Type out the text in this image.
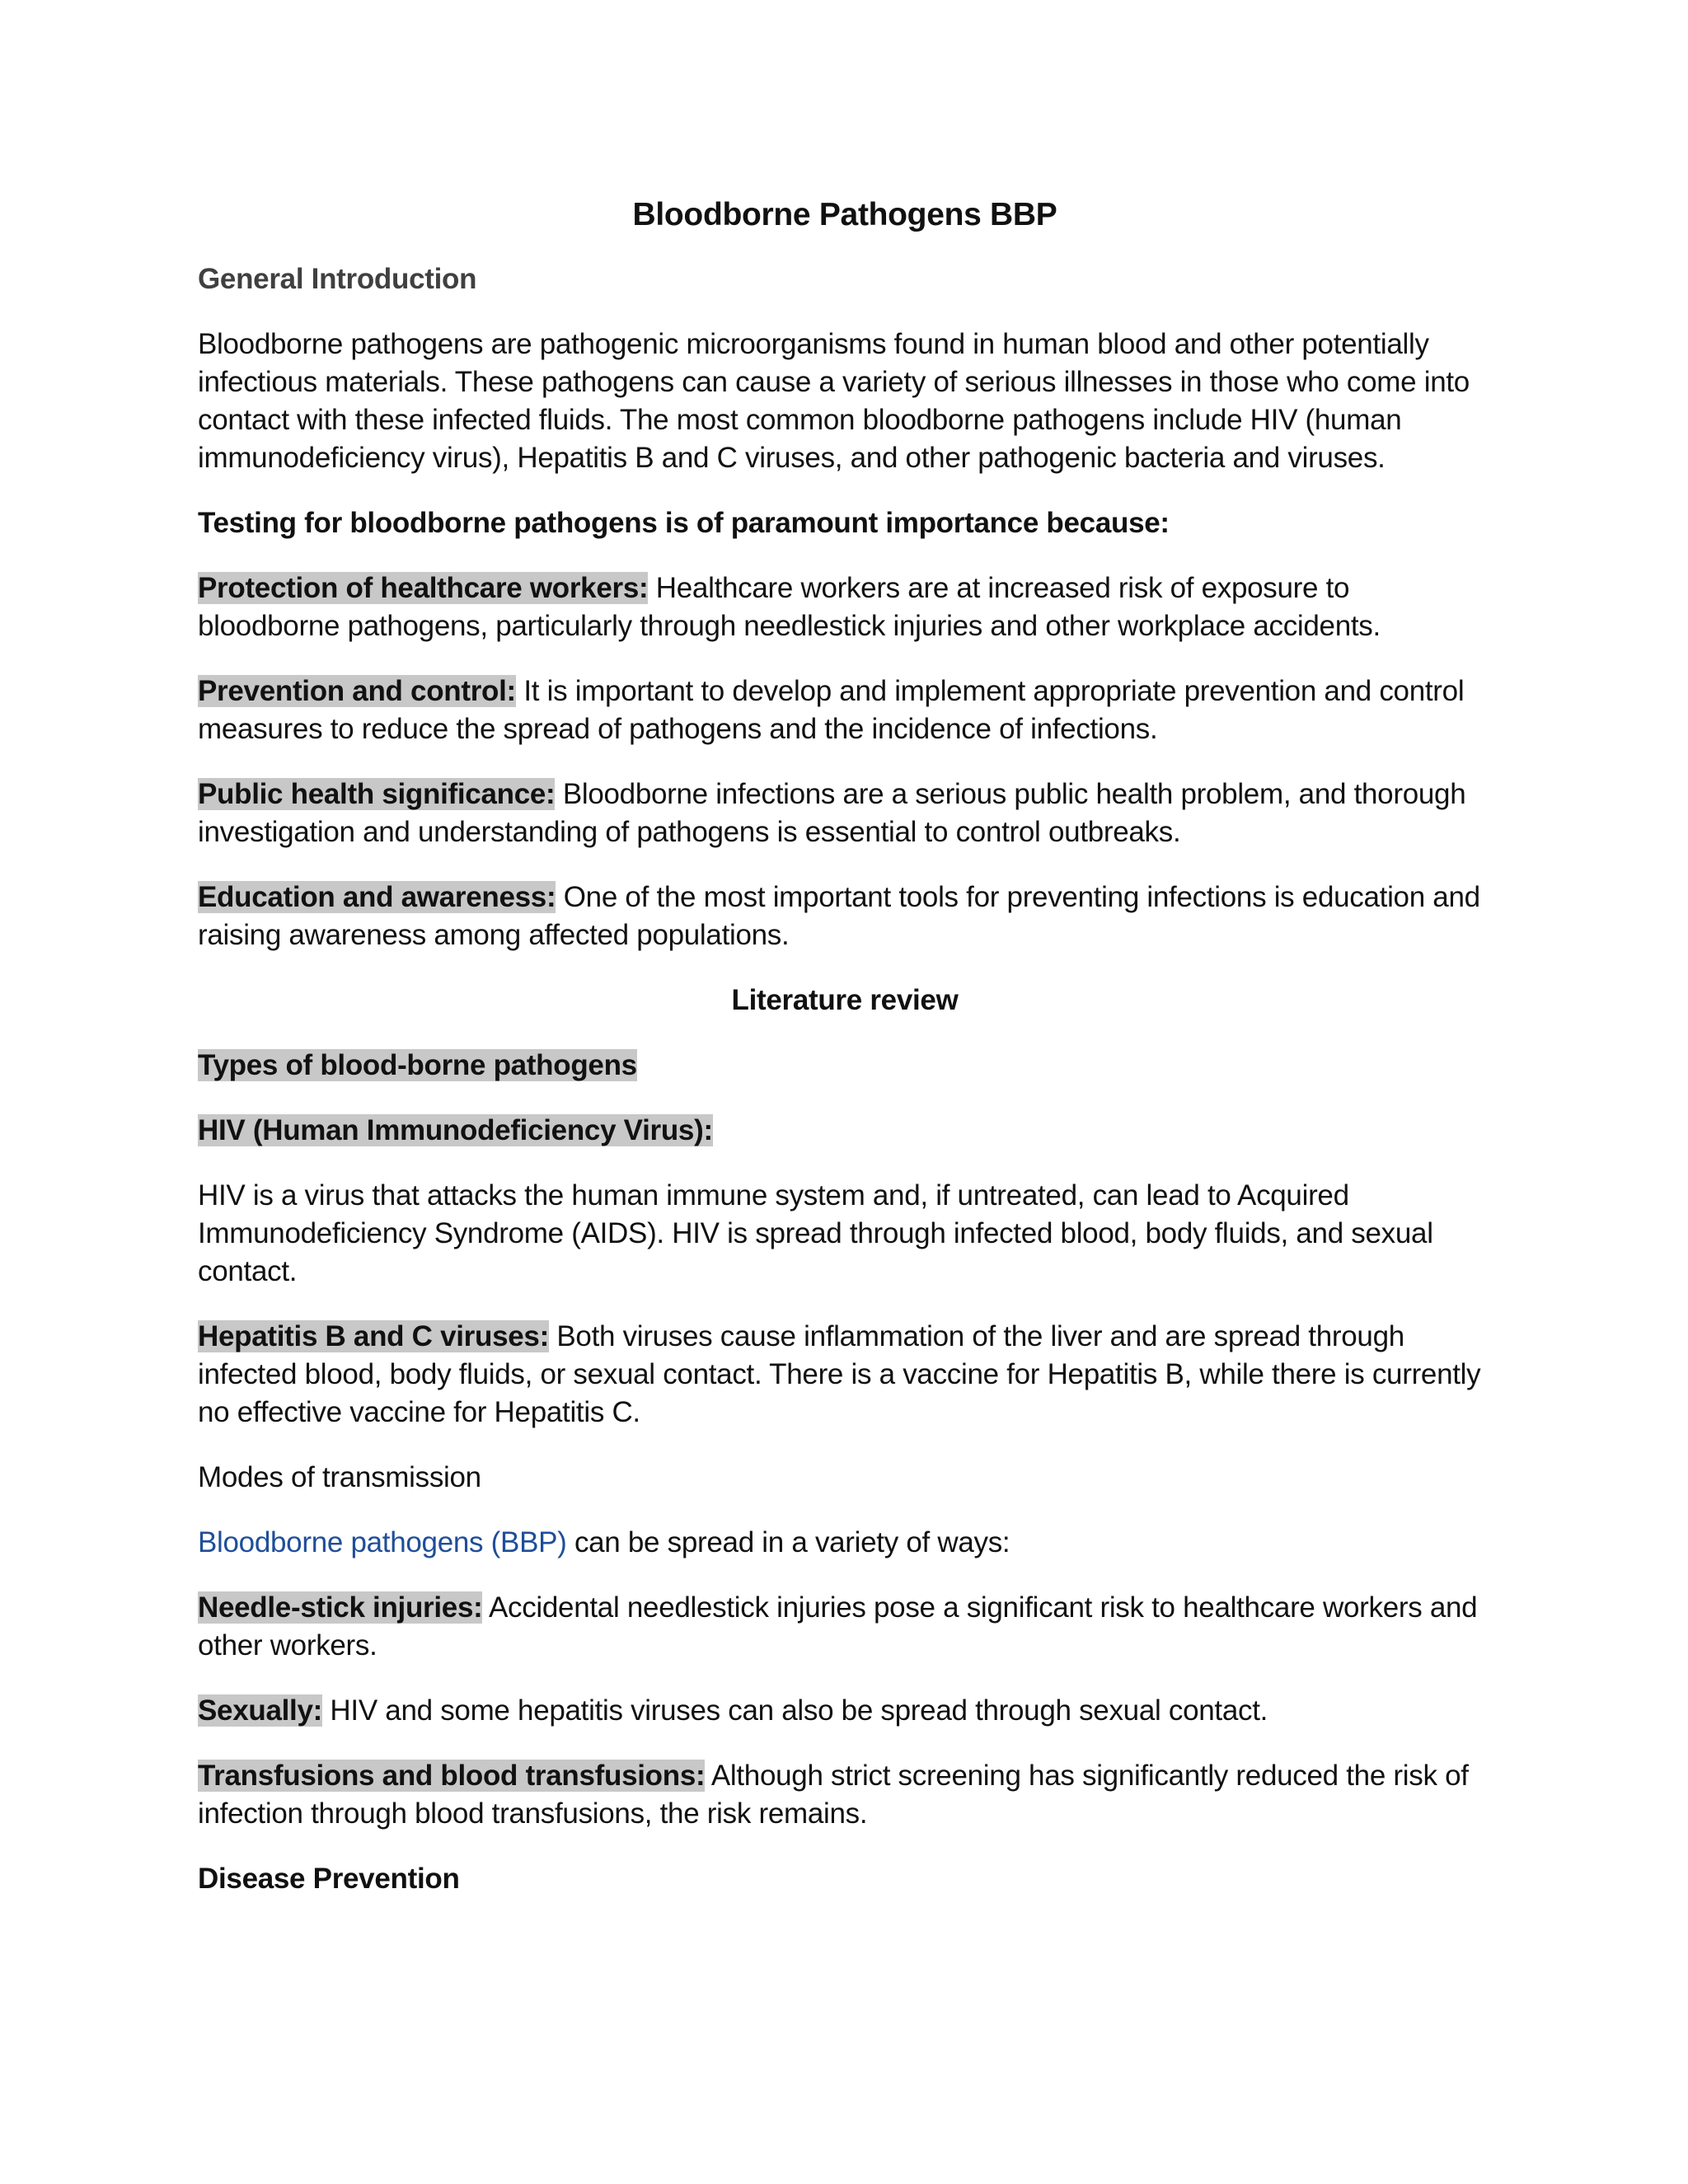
Bloodborne Pathogens BBP
General Introduction

Bloodborne pathogens are pathogenic microorganisms found in human blood and other potentially infectious materials. These pathogens can cause a variety of serious illnesses in those who come into contact with these infected fluids. The most common bloodborne pathogens include HIV (human immunodeficiency virus), Hepatitis B and C viruses, and other pathogenic bacteria and viruses.

Testing for bloodborne pathogens is of paramount importance because:

Protection of healthcare workers: Healthcare workers are at increased risk of exposure to bloodborne pathogens, particularly through needlestick injuries and other workplace accidents.

Prevention and control: It is important to develop and implement appropriate prevention and control measures to reduce the spread of pathogens and the incidence of infections.

Public health significance: Bloodborne infections are a serious public health problem, and thorough investigation and understanding of pathogens is essential to control outbreaks.

Education and awareness: One of the most important tools for preventing infections is education and raising awareness among affected populations.

Literature review

Types of blood-borne pathogens

HIV (Human Immunodeficiency Virus):

HIV is a virus that attacks the human immune system and, if untreated, can lead to Acquired Immunodeficiency Syndrome (AIDS). HIV is spread through infected blood, body fluids, and sexual contact.

Hepatitis B and C viruses: Both viruses cause inflammation of the liver and are spread through infected blood, body fluids, or sexual contact. There is a vaccine for Hepatitis B, while there is currently no effective vaccine for Hepatitis C.

Modes of transmission

Bloodborne pathogens (BBP) can be spread in a variety of ways:

Needle-stick injuries: Accidental needlestick injuries pose a significant risk to healthcare workers and other workers.

Sexually: HIV and some hepatitis viruses can also be spread through sexual contact.

Transfusions and blood transfusions: Although strict screening has significantly reduced the risk of infection through blood transfusions, the risk remains.

Disease Prevention
